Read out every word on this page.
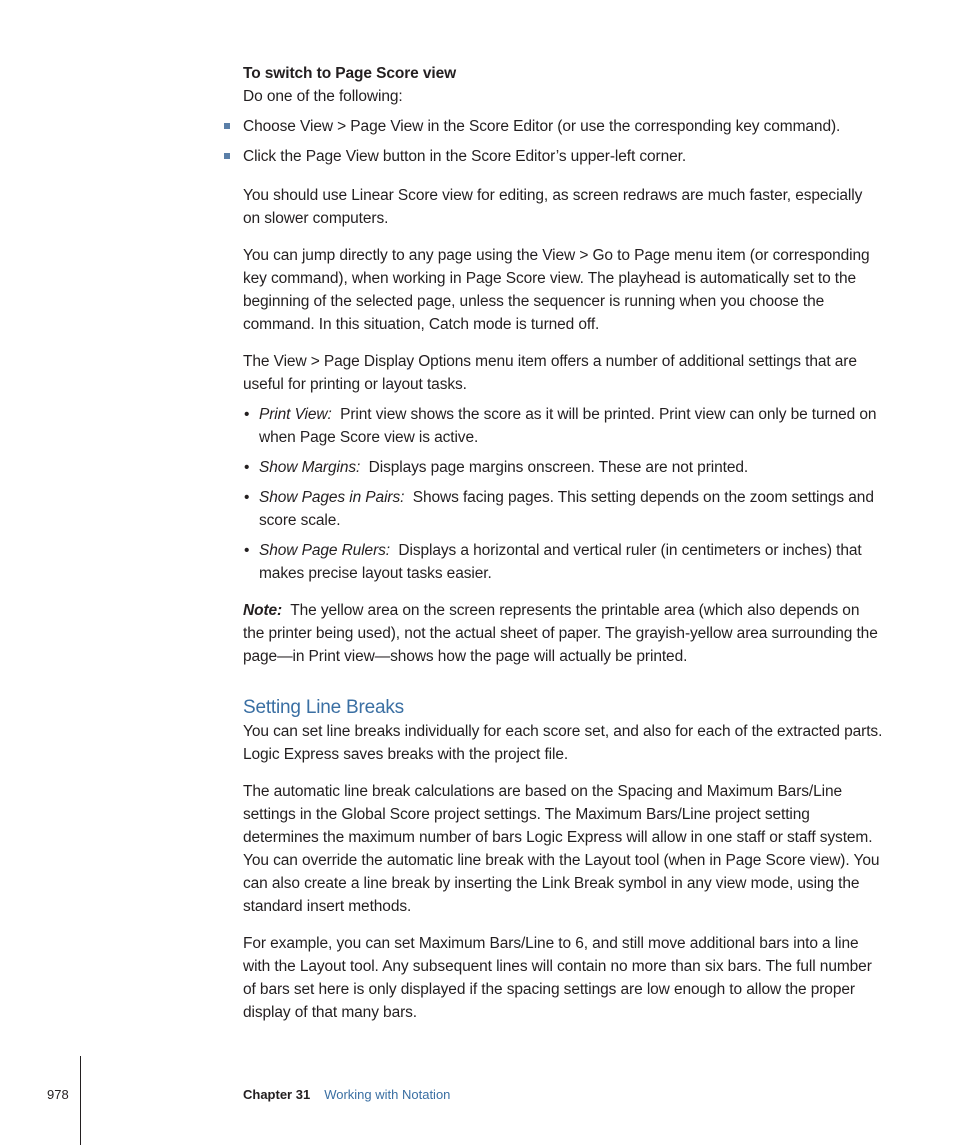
To switch to Page Score view

Do one of the following:

Choose View > Page View in the Score Editor (or use the corresponding key command).
Click the Page View button in the Score Editor’s upper-left corner.

You should use Linear Score view for editing, as screen redraws are much faster, especially on slower computers.

You can jump directly to any page using the View > Go to Page menu item (or corresponding key command), when working in Page Score view. The playhead is automatically set to the beginning of the selected page, unless the sequencer is running when you choose the command. In this situation, Catch mode is turned off.

The View > Page Display Options menu item offers a number of additional settings that are useful for printing or layout tasks.

• Print View: Print view shows the score as it will be printed. Print view can only be turned on when Page Score view is active.
• Show Margins: Displays page margins onscreen. These are not printed.
• Show Pages in Pairs: Shows facing pages. This setting depends on the zoom settings and score scale.
• Show Page Rulers: Displays a horizontal and vertical ruler (in centimeters or inches) that makes precise layout tasks easier.

Note: The yellow area on the screen represents the printable area (which also depends on the printer being used), not the actual sheet of paper. The grayish-yellow area surrounding the page—in Print view—shows how the page will actually be printed.

Setting Line Breaks

You can set line breaks individually for each score set, and also for each of the extracted parts. Logic Express saves breaks with the project file.

The automatic line break calculations are based on the Spacing and Maximum Bars/Line settings in the Global Score project settings. The Maximum Bars/Line project setting determines the maximum number of bars Logic Express will allow in one staff or staff system. You can override the automatic line break with the Layout tool (when in Page Score view). You can also create a line break by inserting the Link Break symbol in any view mode, using the standard insert methods.

For example, you can set Maximum Bars/Line to 6, and still move additional bars into a line with the Layout tool. Any subsequent lines will contain no more than six bars. The full number of bars set here is only displayed if the spacing settings are low enough to allow the proper display of that many bars.

978	Chapter 31 Working with Notation
